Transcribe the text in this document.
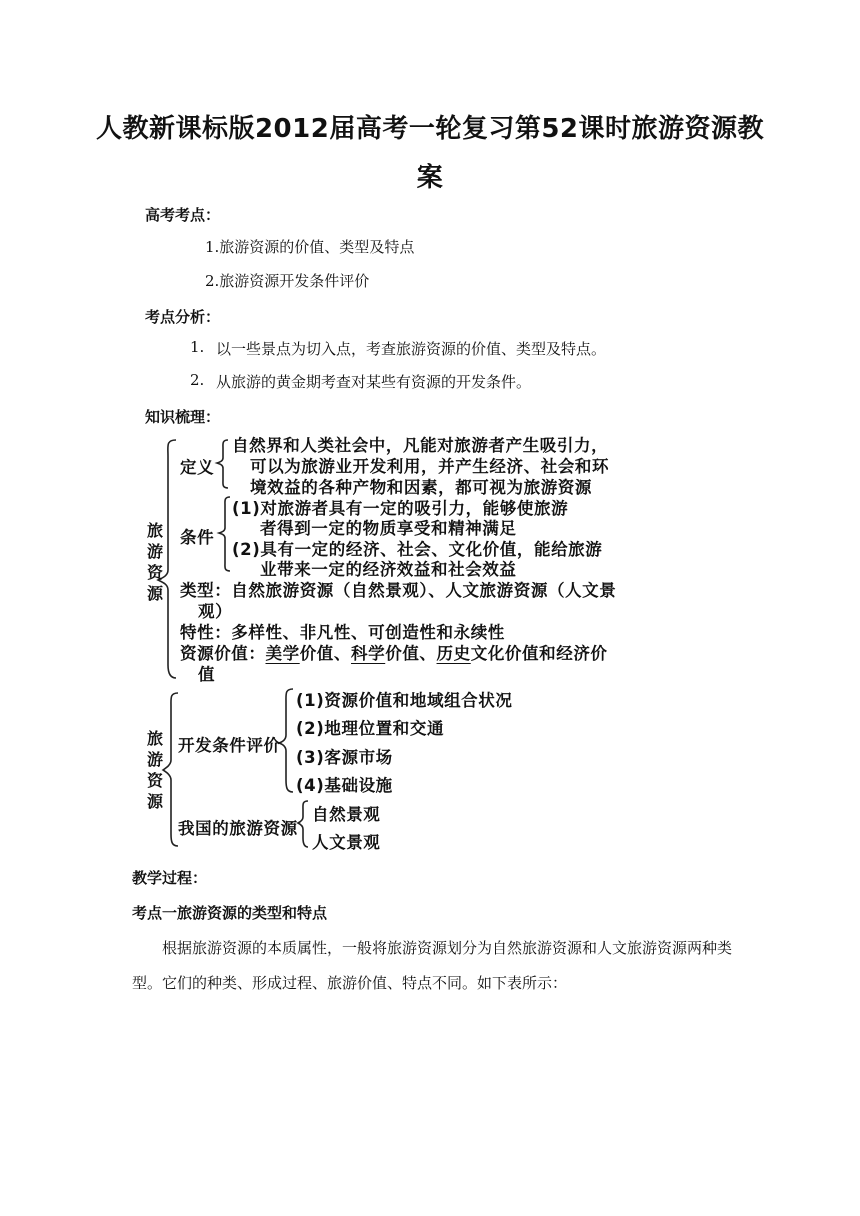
人教新课标版2012届高考一轮复习第52课时旅游资源教
案
高考考点：
1.旅游资源的价值、类型及特点
2.旅游资源开发条件评价
考点分析：
1. 以一些景点为切入点，考查旅游资源的价值、类型及特点。
2. 从旅游的黄金期考查对某些有资源的开发条件。
知识梳理：
旅游资源
定义
自然界和人类社会中，凡能对旅游者产生吸引力，
可以为旅游业开发利用，并产生经济、社会和环
境效益的各种产物和因素，都可视为旅游资源
条件
(1)对旅游者具有一定的吸引力，能够使旅游
者得到一定的物质享受和精神满足
(2)具有一定的经济、社会、文化价值，能给旅游
业带来一定的经济效益和社会效益
类型：自然旅游资源（自然景观）、人文旅游资源（人文景
观）
特性：多样性、非凡性、可创造性和永续性
资源价值：美学价值、科学价值、历史文化价值和经济价
值
旅游资源
开发条件评价
(1)资源价值和地域组合状况
(2)地理位置和交通
(3)客源市场
(4)基础设施
我国的旅游资源
自然景观
人文景观
教学过程：
考点一旅游资源的类型和特点
根据旅游资源的本质属性，一般将旅游资源划分为自然旅游资源和人文旅游资源两种类
型。它们的种类、形成过程、旅游价值、特点不同。如下表所示：
